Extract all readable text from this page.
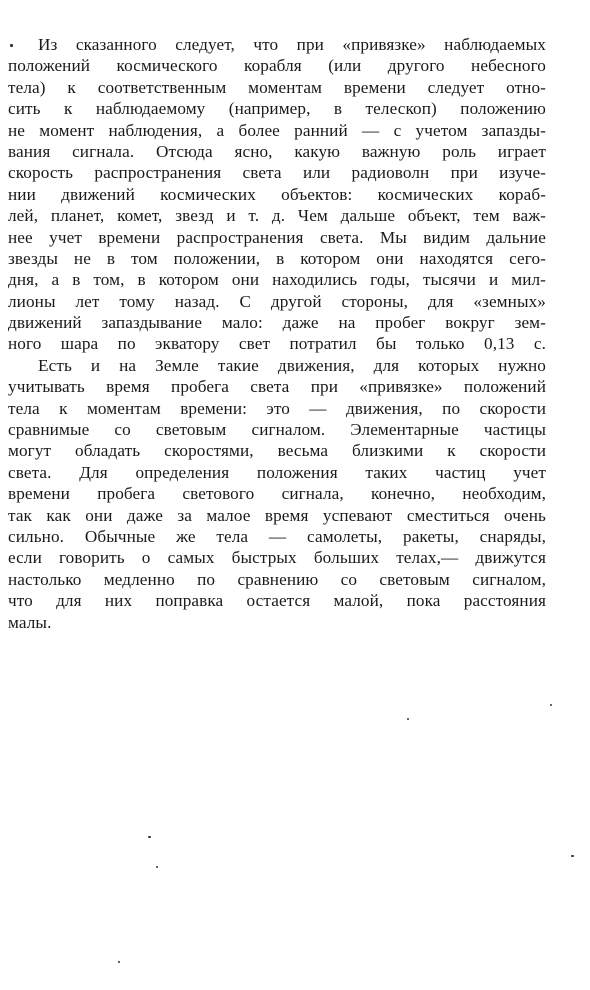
Из сказанного следует, что при «привязке» наблюдаемых
положений космического корабля (или другого небесного
тела) к соответственным моментам времени следует отно-
сить к наблюдаемому (например, в телескоп) положению
не момент наблюдения, а более ранний — с учетом запазды-
вания сигнала. Отсюда ясно, какую важную роль играет
скорость распространения света или радиоволн при изуче-
нии движений космических объектов: космических кораб-
лей, планет, комет, звезд и т. д. Чем дальше объект, тем важ-
нее учет времени распространения света. Мы видим дальние
звезды не в том положении, в котором они находятся сего-
дня, а в том, в котором они находились годы, тысячи и мил-
лионы лет тому назад. С другой стороны, для «земных»
движений запаздывание мало: даже на пробег вокруг зем-
ного шара по экватору свет потратил бы только 0,13 с.
Есть и на Земле такие движения, для которых нужно
учитывать время пробега света при «привязке» положений
тела к моментам времени: это — движения, по скорости
сравнимые со световым сигналом. Элементарные частицы
могут обладать скоростями, весьма близкими к скорости
света. Для определения положения таких частиц учет
времени пробега светового сигнала, конечно, необходим,
так как они даже за малое время успевают сместиться очень
сильно. Обычные же тела — самолеты, ракеты, снаряды,
если говорить о самых быстрых больших телах,— движутся
настолько медленно по сравнению со световым сигналом,
что для них поправка остается малой, пока расстояния
малы.
